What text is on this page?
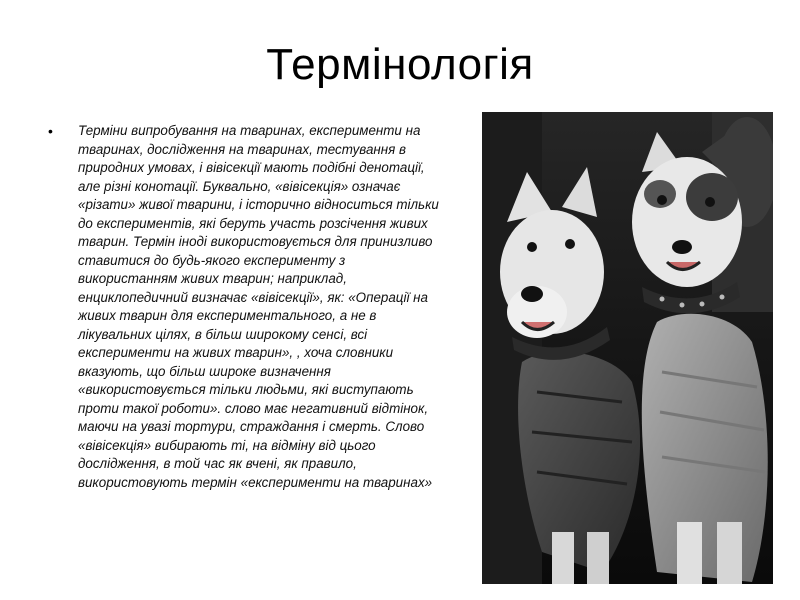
Термінологія
•	Терміни випробування на тваринах, експерименти на тваринах, дослідження на тваринах, тестування в природних умовах, і вівісекції мають подібні денотації, але різні конотації. Буквально, «вівісекція» означає «різати» живої тварини, і історично відноситься тільки до експериментів, які беруть участь розсічення живих тварин. Термін іноді використовується для принизливо ставитися до будь-якого експерименту з використанням живих тварин; наприклад, енциклопедичний визначає «вівісекції», як: «Операції на живих тварин для експериментального, а не в лікувальних цілях, в більш широкому сенсі, всі експерименти на живих тварин», , хоча словники вказують, що більш широке визначення «використовується тільки людьми, які виступають проти такої роботи». слово має негативний відтінок, маючи на увазі тортури, страждання і смерть. Слово «вівісекція» вибирають ті, на відміну від цього дослідження, в той час як вчені, як правило, використовують термін «експерименти на тваринах»
